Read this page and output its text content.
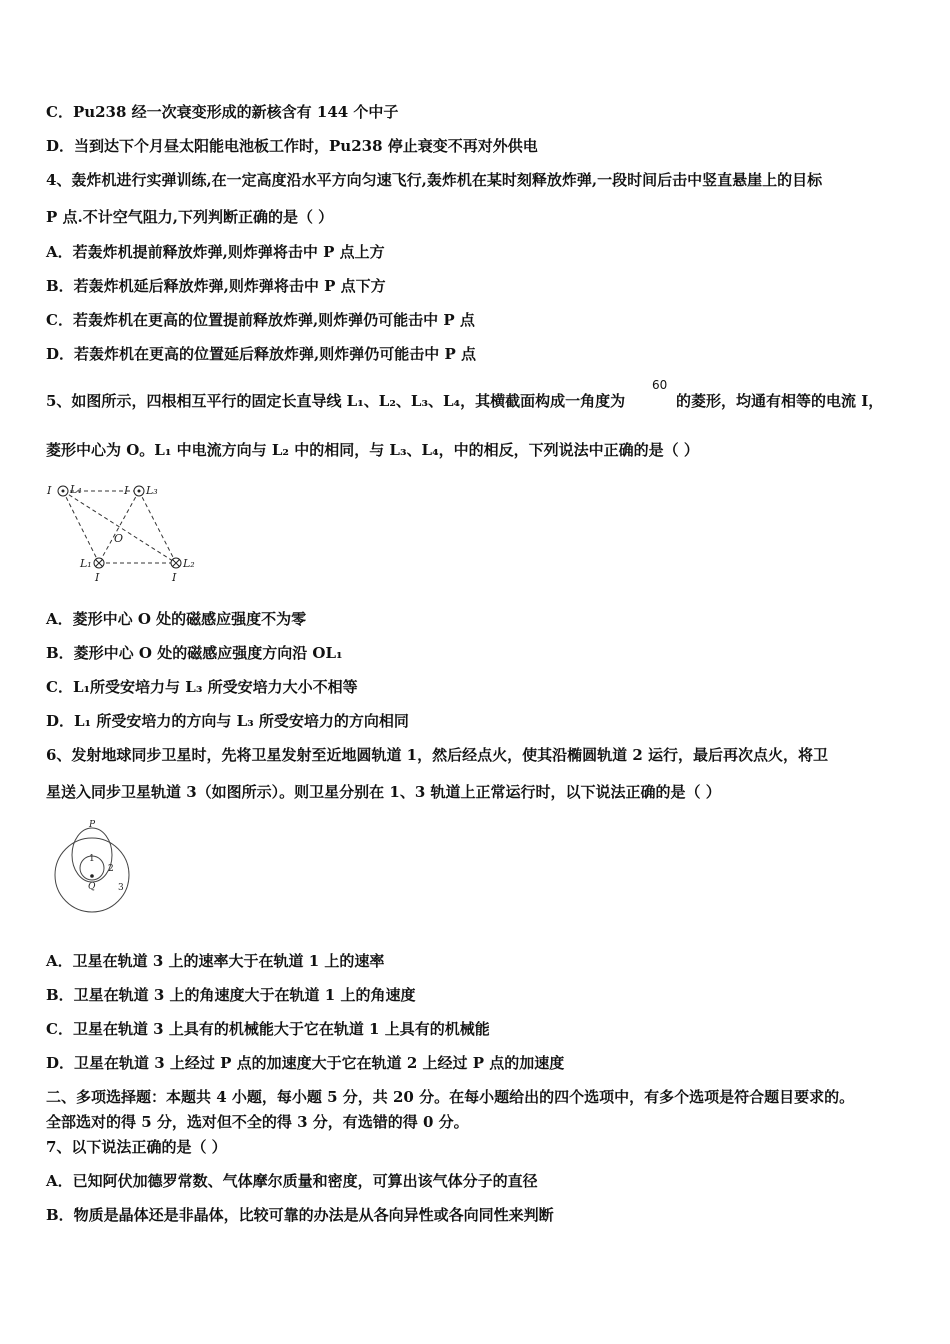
C．Pu238 经一次衰变形成的新核含有 144 个中子
D．当到达下个月昼太阳能电池板工作时，Pu238 停止衰变不再对外供电
4、轰炸机进行实弹训练,在一定高度沿水平方向匀速飞行,轰炸机在某时刻释放炸弹,一段时间后击中竖直悬崖上的目标
P 点.不计空气阻力,下列判断正确的是（ ）
A．若轰炸机提前释放炸弹,则炸弹将击中 P 点上方
B．若轰炸机延后释放炸弹,则炸弹将击中 P 点下方
C．若轰炸机在更高的位置提前释放炸弹,则炸弹仍可能击中 P 点
D．若轰炸机在更高的位置延后释放炸弹,则炸弹仍可能击中 P 点
5、如图所示，四根相互平行的固定长直导线 L₁、L₂、L₃、L₄，其横截面构成一角度为
60
的菱形，均通有相等的电流 I，
菱形中心为 O。L₁ 中电流方向与 L₂ 中的相同，与 L₃、L₄，中的相反，下列说法中正确的是（ ）
I L₄	I L₃
O
L₁
I
L₂
I
A．菱形中心 O 处的磁感应强度不为零
B．菱形中心 O 处的磁感应强度方向沿 OL₁
C．L₁所受安培力与 L₃ 所受安培力大小不相等
D．L₁ 所受安培力的方向与 L₃ 所受安培力的方向相同
6、发射地球同步卫星时，先将卫星发射至近地圆轨道 1，然后经点火，使其沿椭圆轨道 2 运行，最后再次点火，将卫
星送入同步卫星轨道 3（如图所示）。则卫星分别在 1、3 轨道上正常运行时，以下说法正确的是（ ）
P
Q
1
2
3
A．卫星在轨道 3 上的速率大于在轨道 1 上的速率
B．卫星在轨道 3 上的角速度大于在轨道 1 上的角速度
C．卫星在轨道 3 上具有的机械能大于它在轨道 1 上具有的机械能
D．卫星在轨道 3 上经过 P 点的加速度大于它在轨道 2 上经过 P 点的加速度
二、多项选择题：本题共 4 小题，每小题 5 分，共 20 分。在每小题给出的四个选项中，有多个选项是符合题目要求的。
全部选对的得 5 分，选对但不全的得 3 分，有选错的得 0 分。
7、以下说法正确的是（ ）
A．已知阿伏加德罗常数、气体摩尔质量和密度，可算出该气体分子的直径
B．物质是晶体还是非晶体，比较可靠的办法是从各向异性或各向同性来判断
